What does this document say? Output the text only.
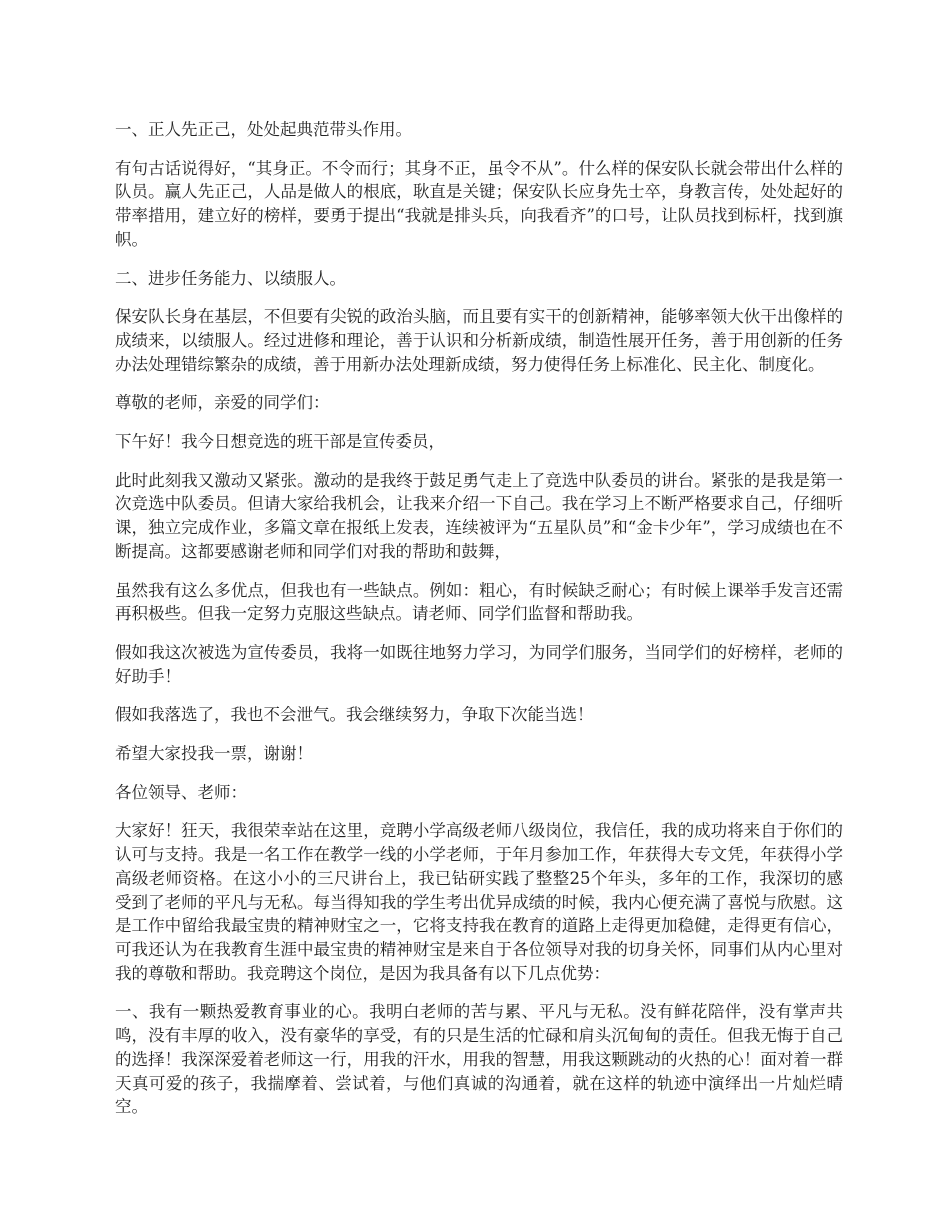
一、正人先正己，处处起典范带头作用。

有句古话说得好，“其身正。不令而行；其身不正，虽令不从”。什么样的保安队长就会带出什么样的队员。赢人先正己，人品是做人的根底，耿直是关键；保安队长应身先士卒，身教言传，处处起好的带率措用，建立好的榜样，要勇于提出“我就是排头兵，向我看齐”的口号，让队员找到标杆，找到旗帜。

二、进步任务能力、以绩服人。

保安队长身在基层，不但要有尖锐的政治头脑，而且要有实干的创新精神，能够率领大伙干出像样的成绩来，以绩服人。经过进修和理论，善于认识和分析新成绩，制造性展开任务，善于用创新的任务办法处理错综繁杂的成绩，善于用新办法处理新成绩，努力使得任务上标准化、民主化、制度化。

尊敬的老师，亲爱的同学们：

下午好！我今日想竞选的班干部是宣传委员，

此时此刻我又激动又紧张。激动的是我终于鼓足勇气走上了竞选中队委员的讲台。紧张的是我是第一次竞选中队委员。但请大家给我机会，让我来介绍一下自己。我在学习上不断严格要求自己，仔细听课，独立完成作业，多篇文章在报纸上发表，连续被评为“五星队员”和“金卡少年”，学习成绩也在不断提高。这都要感谢老师和同学们对我的帮助和鼓舞，

虽然我有这么多优点，但我也有一些缺点。例如：粗心，有时候缺乏耐心；有时候上课举手发言还需再积极些。但我一定努力克服这些缺点。请老师、同学们监督和帮助我。

假如我这次被选为宣传委员，我将一如既往地努力学习，为同学们服务，当同学们的好榜样，老师的好助手！

假如我落选了，我也不会泄气。我会继续努力，争取下次能当选！

希望大家投我一票，谢谢！

各位领导、老师：

大家好！狂天，我很荣幸站在这里，竞聘小学高级老师八级岗位，我信任，我的成功将来自于你们的认可与支持。我是一名工作在教学一线的小学老师，于年月参加工作，年获得大专文凭，年获得小学高级老师资格。在这小小的三尺讲台上，我已钻研实践了整整25个年头，多年的工作，我深切的感受到了老师的平凡与无私。每当得知我的学生考出优异成绩的时候，我内心便充满了喜悦与欣慰。这是工作中留给我最宝贵的精神财宝之一，它将支持我在教育的道路上走得更加稳健，走得更有信心，可我还认为在我教育生涯中最宝贵的精神财宝是来自于各位领导对我的切身关怀，同事们从内心里对我的尊敬和帮助。我竞聘这个岗位，是因为我具备有以下几点优势：

一、我有一颗热爱教育事业的心。我明白老师的苦与累、平凡与无私。没有鲜花陪伴，没有掌声共鸣，没有丰厚的收入，没有豪华的享受，有的只是生活的忙碌和肩头沉甸甸的责任。但我无悔于自己的选择！我深深爱着老师这一行，用我的汗水，用我的智慧，用我这颗跳动的火热的心！面对着一群天真可爱的孩子，我揣摩着、尝试着，与他们真诚的沟通着，就在这样的轨迹中演绎出一片灿烂晴空。
